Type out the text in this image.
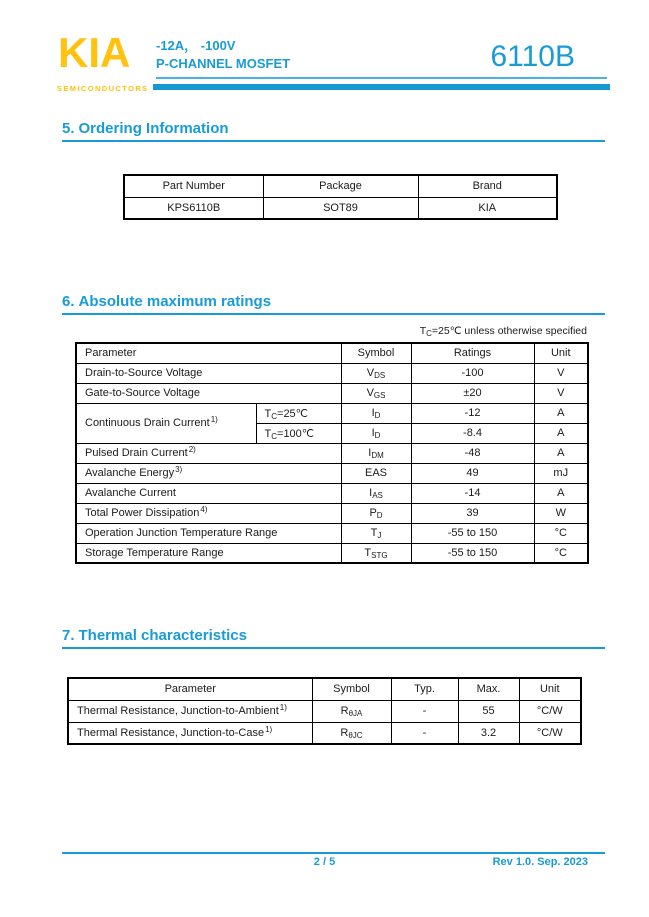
KIA
SEMICONDUCTORS
-12A， -100V
P-CHANNEL MOSFET	6110B
5. Ordering Information
Part Number	Package	Brand
KPS6110B	SOT89	KIA
6. Absolute maximum ratings
$T_C=25℃$ unless otherwise specified
Parameter		Symbol	Ratings	Unit
Drain-to-Source Voltage		$V_{DS}$	-100	V
Gate-to-Source Voltage		$V_{GS}$	±20	V
Continuous Drain Current$^{1)}$	$T_C=25℃$	$I_D$	-12	A
	$T_C=100℃$	$I_D$	-8.4	A
Pulsed Drain Current$^{2)}$		$I_{DM}$	-48	A
Avalanche Energy$^{3)}$		EAS	49	mJ
Avalanche Current		$I_{AS}$	-14	A
Total Power Dissipation$^{4)}$		$P_D$	39	W
Operation Junction Temperature Range		$T_J$	-55 to 150	°C
Storage Temperature Range		$T_{STG}$	-55 to 150	°C
7. Thermal characteristics
Parameter	Symbol	Typ.	Max.	Unit
Thermal Resistance, Junction-to-Ambient$^{1)}$	$R_{\theta JA}$	-	55	°C/W
Thermal Resistance, Junction-to-Case$^{1)}$	$R_{\theta JC}$	-	3.2	°C/W
2 / 5	Rev 1.0. Sep. 2023
